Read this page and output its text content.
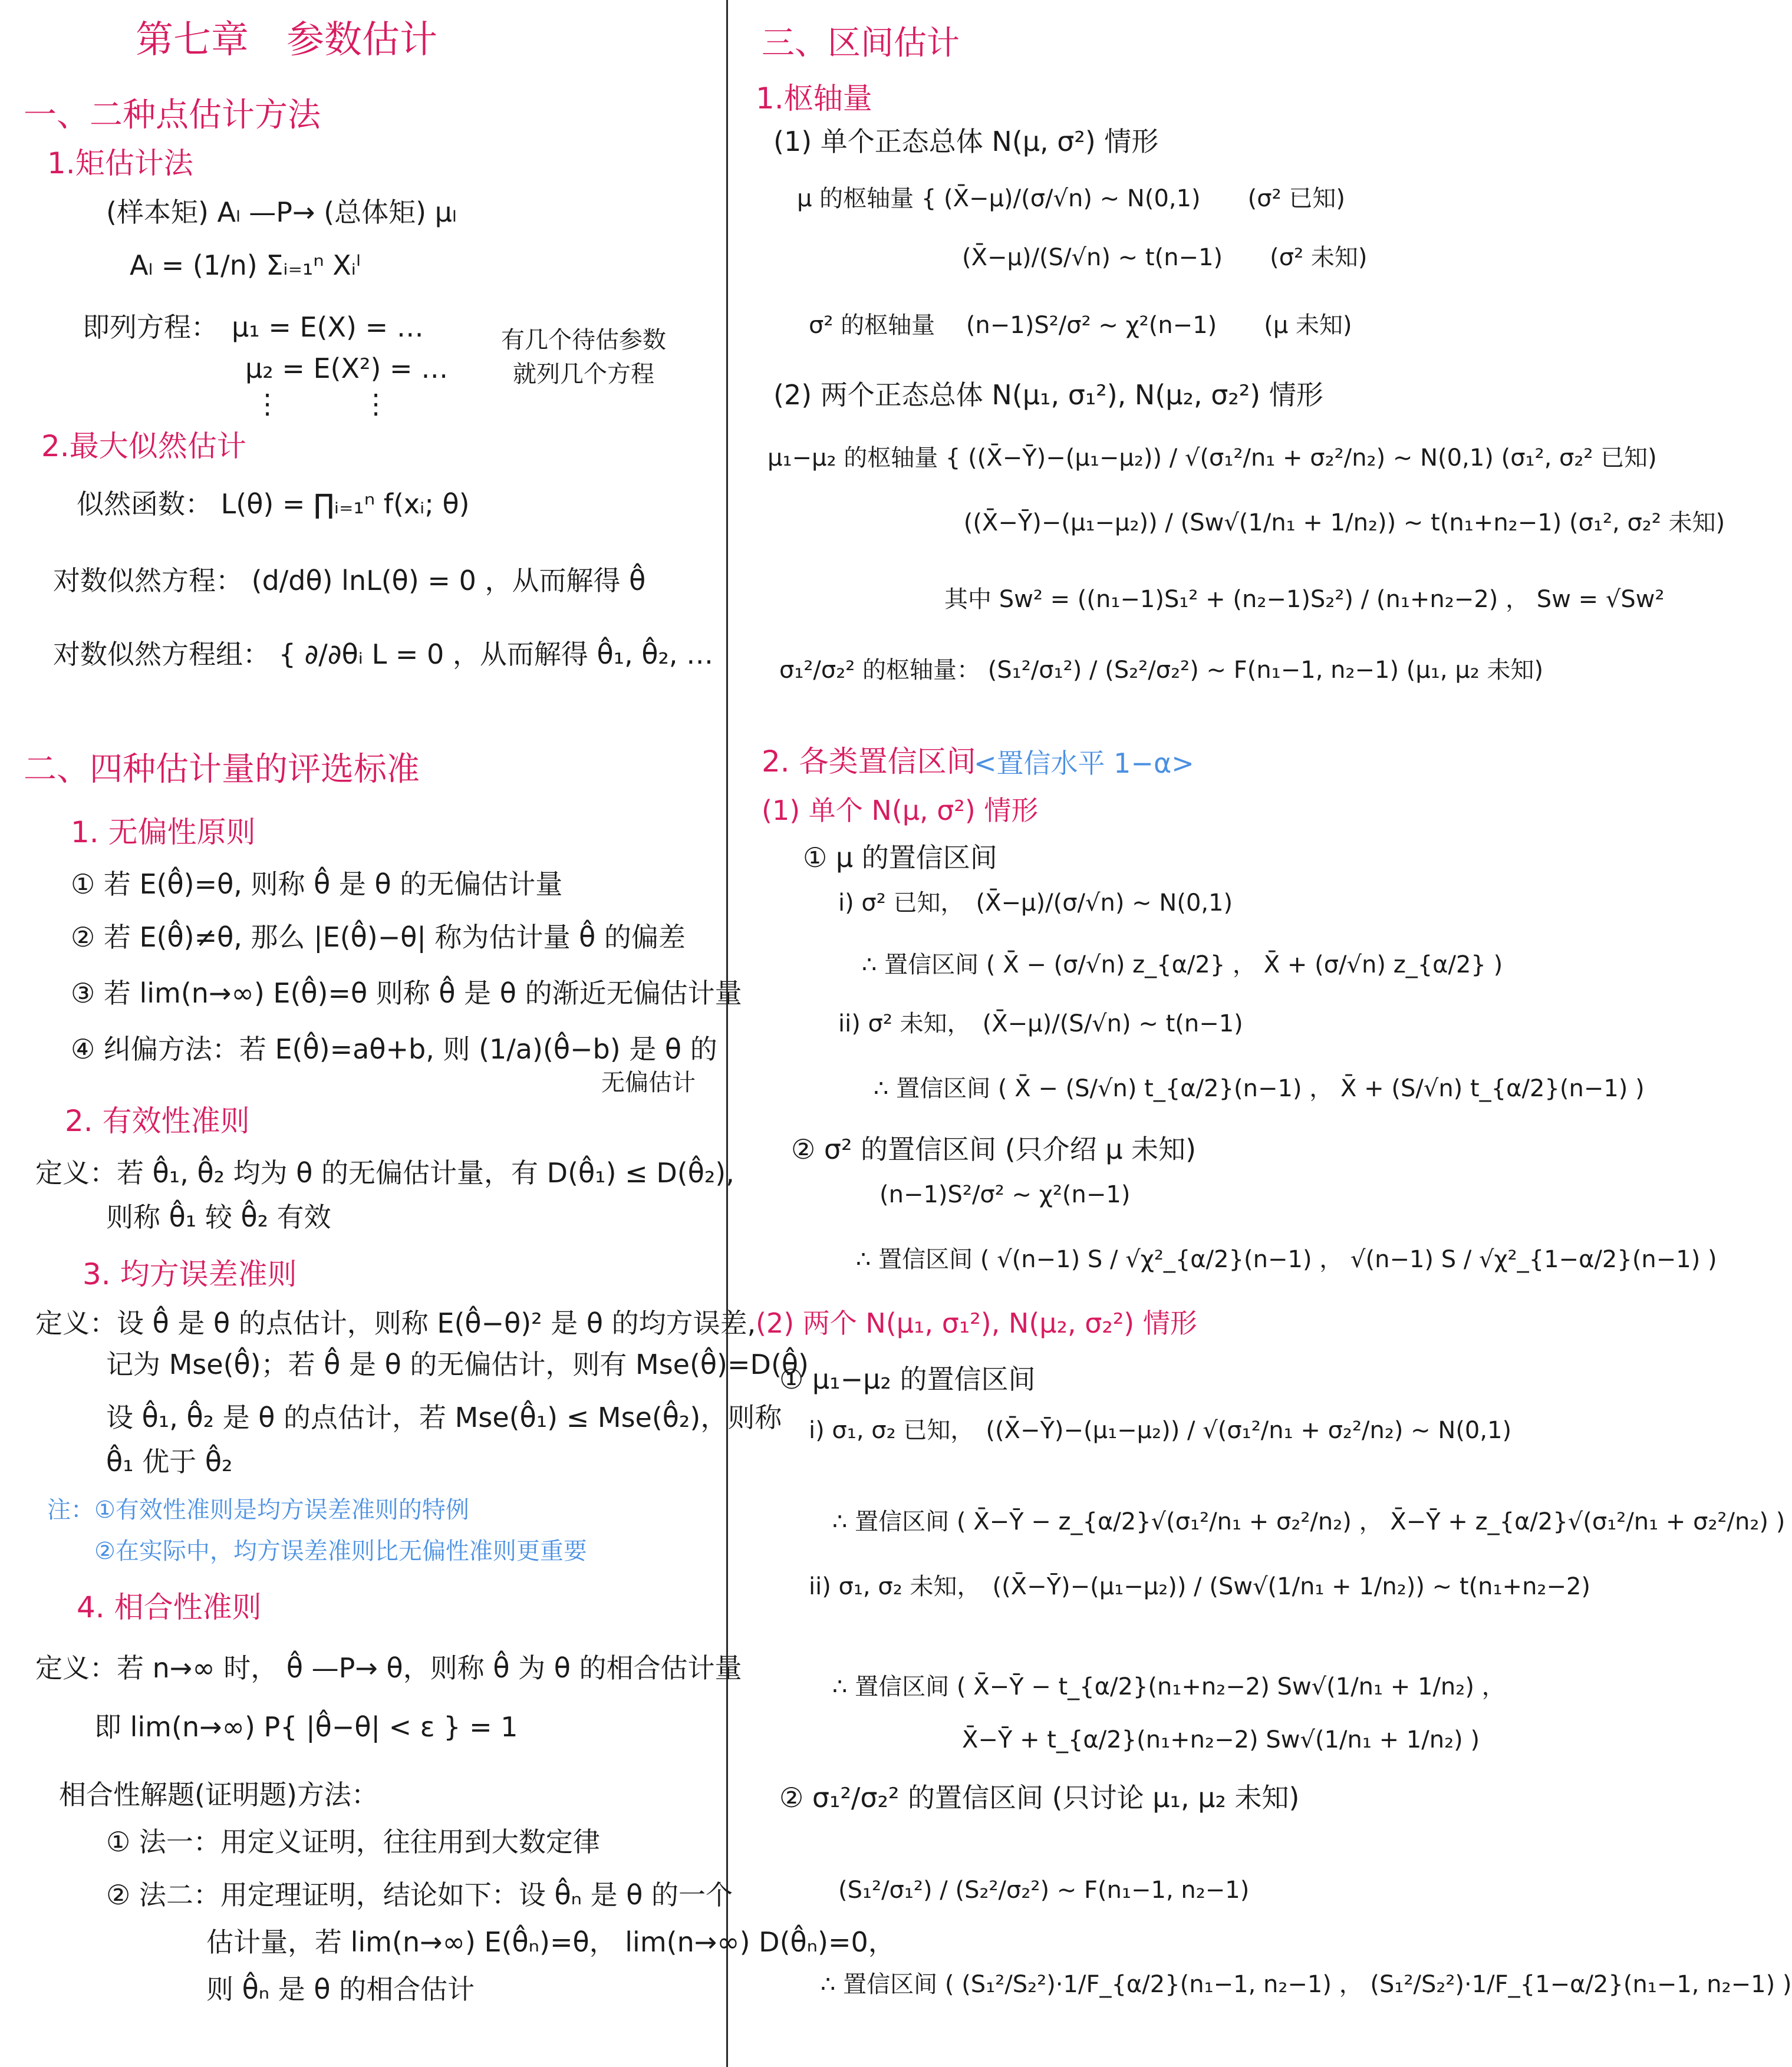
第七章　参数估计
一、二种点估计方法
1.矩估计法
(样本矩) Aₗ —P→ (总体矩) μₗ
Aₗ = (1/n) Σᵢ₌₁ⁿ Xᵢˡ
即列方程：　μ₁ = E(X) = …
　　　　　　μ₂ = E(X²) = …
　　　　　　 ⋮　　　⋮
有几个待估参数
就列几个方程
2.最大似然估计
似然函数： L(θ) = ∏ᵢ₌₁ⁿ f(xᵢ; θ)
对数似然方程： (d/dθ) lnL(θ) = 0 ，从而解得 θ̂
对数似然方程组： { ∂/∂θᵢ L = 0 ，从而解得 θ̂₁, θ̂₂, …
二、四种估计量的评选标准
1. 无偏性原则
① 若 E(θ̂)=θ, 则称 θ̂ 是 θ 的无偏估计量
② 若 E(θ̂)≠θ, 那么 |E(θ̂)−θ| 称为估计量 θ̂ 的偏差
③ 若 lim(n→∞) E(θ̂)=θ 则称 θ̂ 是 θ 的渐近无偏估计量
④ 纠偏方法：若 E(θ̂)=aθ+b, 则 (1/a)(θ̂−b) 是 θ 的
无偏估计
2. 有效性准则
定义：若 θ̂₁, θ̂₂ 均为 θ 的无偏估计量，有 D(θ̂₁) ≤ D(θ̂₂),
则称 θ̂₁ 较 θ̂₂ 有效
3. 均方误差准则
定义：设 θ̂ 是 θ 的点估计，则称 E(θ̂−θ)² 是 θ 的均方误差,
记为 Mse(θ̂)；若 θ̂ 是 θ 的无偏估计，则有 Mse(θ̂)=D(θ̂)
设 θ̂₁, θ̂₂ 是 θ 的点估计，若 Mse(θ̂₁) ≤ Mse(θ̂₂)，则称
θ̂₁ 优于 θ̂₂
注：①有效性准则是均方误差准则的特例
②在实际中，均方误差准则比无偏性准则更重要
4. 相合性准则
定义：若 n→∞ 时， θ̂ —P→ θ，则称 θ̂ 为 θ 的相合估计量
即 lim(n→∞) P{ |θ̂−θ| < ε } = 1
相合性解题(证明题)方法：
① 法一：用定义证明，往往用到大数定律
② 法二：用定理证明，结论如下：设 θ̂ₙ 是 θ 的一个
估计量，若 lim(n→∞) E(θ̂ₙ)=θ， lim(n→∞) D(θ̂ₙ)=0，
则 θ̂ₙ 是 θ 的相合估计
三、区间估计
1.枢轴量
(1) 单个正态总体 N(μ, σ²) 情形
μ 的枢轴量 { (X̄−μ)/(σ/√n) ~ N(0,1)　　(σ² 已知)
　　　　　　　(X̄−μ)/(S/√n) ~ t(n−1)　　(σ² 未知)
σ² 的枢轴量　 (n−1)S²/σ² ~ χ²(n−1)　　(μ 未知)
(2) 两个正态总体 N(μ₁, σ₁²), N(μ₂, σ₂²) 情形
μ₁−μ₂ 的枢轴量 { ((X̄−Ȳ)−(μ₁−μ₂)) / √(σ₁²/n₁ + σ₂²/n₂) ~ N(0,1) (σ₁², σ₂² 已知)
　　　　　　　　 ((X̄−Ȳ)−(μ₁−μ₂)) / (Sw√(1/n₁ + 1/n₂)) ~ t(n₁+n₂−1) (σ₁², σ₂² 未知)
其中 Sw² = ((n₁−1)S₁² + (n₂−1)S₂²) / (n₁+n₂−2) ， Sw = √Sw²
σ₁²/σ₂² 的枢轴量： (S₁²/σ₁²) / (S₂²/σ₂²) ~ F(n₁−1, n₂−1) (μ₁, μ₂ 未知)
2. 各类置信区间
<置信水平 1−α>
(1) 单个 N(μ, σ²) 情形
① μ 的置信区间
i) σ² 已知，　(X̄−μ)/(σ/√n) ~ N(0,1)
∴ 置信区间 ( X̄ − (σ/√n) z_{α/2} ， X̄ + (σ/√n) z_{α/2} )
ii) σ² 未知，　(X̄−μ)/(S/√n) ~ t(n−1)
∴ 置信区间 ( X̄ − (S/√n) t_{α/2}(n−1) ， X̄ + (S/√n) t_{α/2}(n−1) )
② σ² 的置信区间 (只介绍 μ 未知)
(n−1)S²/σ² ~ χ²(n−1)
∴ 置信区间 ( √(n−1) S / √χ²_{α/2}(n−1) ， √(n−1) S / √χ²_{1−α/2}(n−1) )
(2) 两个 N(μ₁, σ₁²), N(μ₂, σ₂²) 情形
① μ₁−μ₂ 的置信区间
i) σ₁, σ₂ 已知，　((X̄−Ȳ)−(μ₁−μ₂)) / √(σ₁²/n₁ + σ₂²/n₂) ~ N(0,1)
∴ 置信区间 ( X̄−Ȳ − z_{α/2}√(σ₁²/n₁ + σ₂²/n₂) ， X̄−Ȳ + z_{α/2}√(σ₁²/n₁ + σ₂²/n₂) )
ii) σ₁, σ₂ 未知，　((X̄−Ȳ)−(μ₁−μ₂)) / (Sw√(1/n₁ + 1/n₂)) ~ t(n₁+n₂−2)
∴ 置信区间 ( X̄−Ȳ − t_{α/2}(n₁+n₂−2) Sw√(1/n₁ + 1/n₂) ，
X̄−Ȳ + t_{α/2}(n₁+n₂−2) Sw√(1/n₁ + 1/n₂) )
② σ₁²/σ₂² 的置信区间 (只讨论 μ₁, μ₂ 未知)
(S₁²/σ₁²) / (S₂²/σ₂²) ~ F(n₁−1, n₂−1)
∴ 置信区间 ( (S₁²/S₂²)·1/F_{α/2}(n₁−1, n₂−1) ， (S₁²/S₂²)·1/F_{1−α/2}(n₁−1, n₂−1) )
